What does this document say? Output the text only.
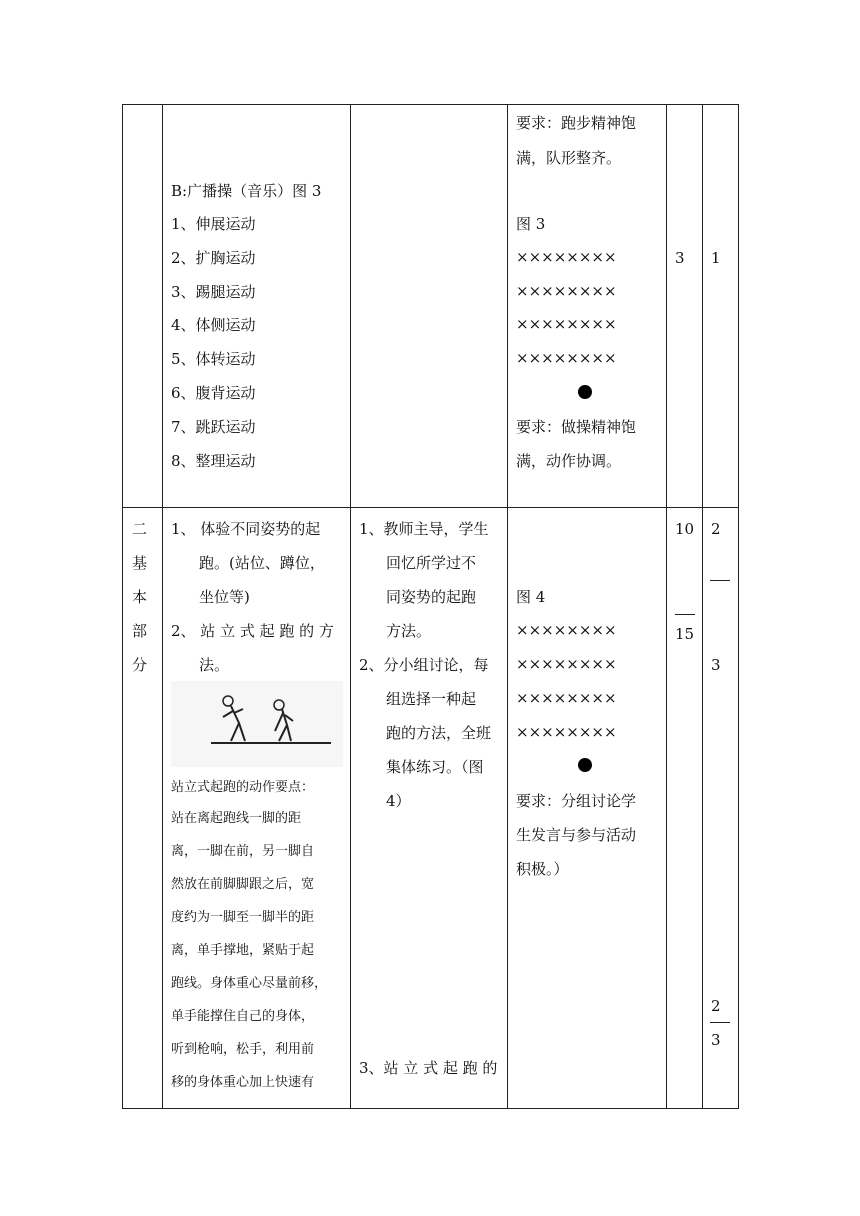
B:广播操（音乐）图 3
1、伸展运动
2、扩胸运动
3、踢腿运动
4、体侧运动
5、体转运动
6、腹背运动
7、跳跃运动
8、整理运动
要求：跑步精神饱
满，队形整齐。
图 3
××××××××
××××××××
××××××××
××××××××
要求：做操精神饱
满，动作协调。
3 1
二
基
本
部
分
1、 体验不同姿势的起
跑。(站位、蹲位，
坐位等)
2、 站 立 式 起 跑 的 方
法。
站立式起跑的动作要点：
站在离起跑线一脚的距
离，一脚在前，另一脚自
然放在前脚脚跟之后，宽
度约为一脚至一脚半的距
离，单手撑地，紧贴于起
跑线。身体重心尽量前移，
单手能撑住自己的身体，
听到枪响，松手，利用前
移的身体重心加上快速有
1、教师主导，学生
回忆所学过不
同姿势的起跑
方法。
2、分小组讨论，每
组选择一种起
跑的方法，全班
集体练习。（图
4）
3、站 立 式 起 跑 的
图 4
××××××××
××××××××
××××××××
××××××××
要求：分组讨论学
生发言与参与活动
积极。）
10
15
2
3
2
3
